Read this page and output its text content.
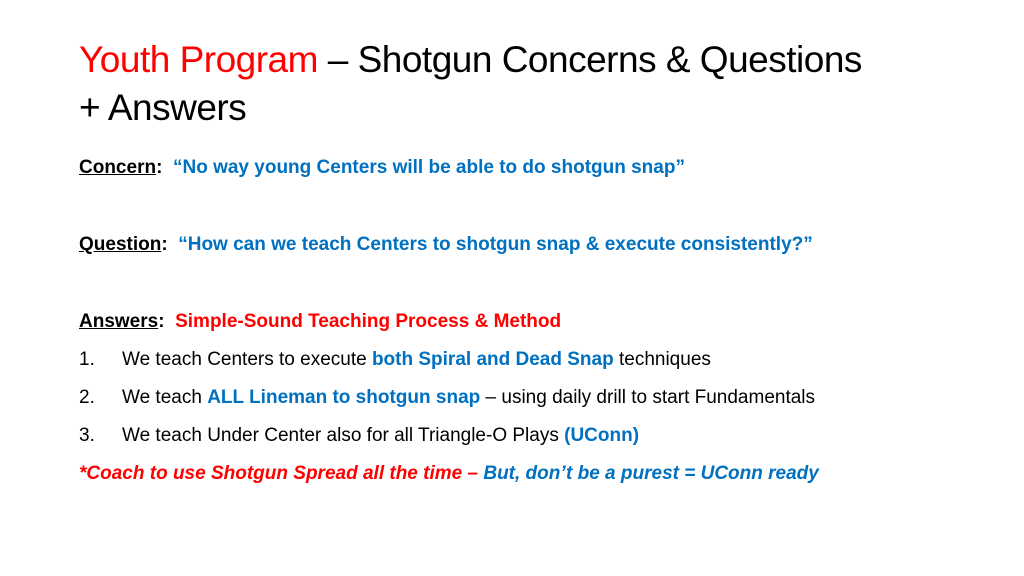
Youth Program – Shotgun Concerns & Questions
+ Answers
Concern: “No way young Centers will be able to do shotgun snap”
Question: “How can we teach Centers to shotgun snap & execute consistently?”
Answers: Simple-Sound Teaching Process & Method
1. We teach Centers to execute both Spiral and Dead Snap techniques
2. We teach ALL Lineman to shotgun snap – using daily drill to start Fundamentals
3. We teach Under Center also for all Triangle-O Plays (UConn)
*Coach to use Shotgun Spread all the time – But, don’t be a purest = UConn ready
